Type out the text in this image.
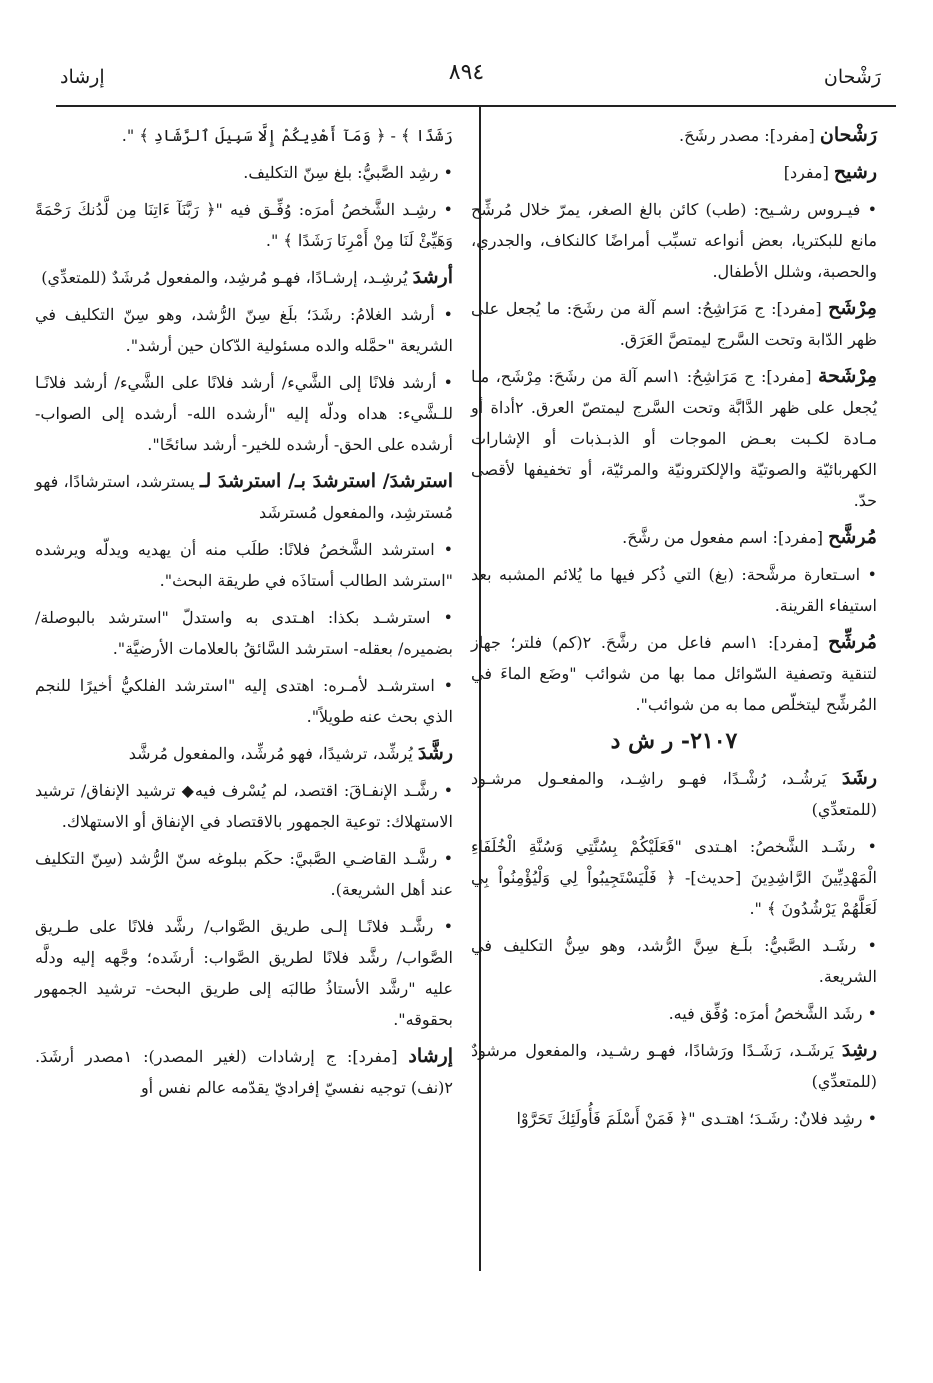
رَشْحان
٨٩٤
إرشاد

رَشْحان [مفرد]: مصدر رشَحَ.

رشيح [مفرد]

• فيـروس رشـيح: (طب) كائن بالغ الصغر، يمرّ خلال مُرشِّح مانع للبكتريا، بعض أنواعه تسبِّب أمراضًا كالنكاف، والجدري، والحصبة، وشلل الأطفال.

مِرْشَح [مفرد]: ج مَرَاشِحُ: اسم آلة من رشَحَ: ما يُجعل على ظهر الدّابة وتحت السَّرج ليمتصَّ العَرَق.

مِرْشَحة [مفرد]: ج مَرَاشِحُ: ١اسم آلة من رشَحَ: مِرْشَح، مـا يُجعل على ظهر الدَّابَّة وتحت السَّرج ليمتصّ العرق. ٢أداة أو مـادة لكـبت بعـض الموجات أو الذبـذبات أو الإشارات الكهربائيّة والصوتيّة والإلكترونيّة والمرئيّة، أو تخفيفها لأقصى حدّ.

مُرشَّح [مفرد]: اسم مفعول من رشَّحَ.

• اسـتعارة مرشَّحة: (بغ) التي ذُكر فيها ما يُلائم المشبه بعد استيفاء القرينة.

مُرشِّح [مفرد]: ١اسم فاعل من رشَّحَ. ٢(كم) فلتر؛ جهاز لتنقية وتصفية السّوائل مما بها من شوائب "وضَع الماءَ في المُرشِّح ليتخلّص مما به من شوائب".

٢١٠٧- ر ش د

رشَدَ يَرشُـد، رُشْـدًا، فهـو راشِـد، والمفعـول مرشـود (للمتعدِّي)

• رشَـد الشَّخصُ: اهـتدى "فَعَلَيْكُمْ بِسُنَّتِي وَسُنَّةِ الْخُلَفَاءِ الْمَهْدِيِّينَ الرَّاشِدِينَ [حديث]- ﴿ فَلْيَسْتَجِيبُواْ لِي وَلْيُؤْمِنُواْ بِي لَعَلَّهُمْ يَرْشُدُونَ ﴾ ".

• رشَـد الصَّبيُّ: بلَـغ سِنَّ الرُّشد، وهو سِنُّ التكليف في الشريعة.

• رشَد الشَّخصُ أمرَه: وُفِّق فيه.

رشِدَ يَرشَـد، رَشَـدًا ورَشادًا، فهـو رشـيد، والمفعول مرشودٌ (للمتعدِّي)

• رشِد فلانٌ: رشَـدَ؛ اهتـدى "﴿ فَمَنْ أَسْلَمَ فَأُولَئِكَ تَحَرَّوْا

رَشَدًا ﴾ - ﴿ وَمَآ أَهْدِيكُمْ إِلَّا سَبِيلَ ٱلرَّشَادِ ﴾ ".

• رشِد الصَّبيُّ: بلغ سِنّ التكليف.

• رشِـد الشَّخصُ أمرَه: وُفِّـق فيه "﴿ رَبَّنَآ ءَاتِنَا مِن لَّدُنكَ رَحْمَةً وَهَيِّئْ لَنَا مِنْ أَمْرِنَا رَشَدًا ﴾ ".

أرشدَ يُرشِـد، إرشـادًا، فهـو مُرشِد، والمفعول مُرشَدٌ (للمتعدِّي)

• أرشد الغلامُ: رشَدَ؛ بلَغ سِنّ الرُّشد، وهو سِنّ التكليف في الشريعة "حمَّله والده مسئولية الدّكان حين أرشد".

• أرشد فلانًا إلى الشَّيء/ أرشد فلانًا على الشَّيء/ أرشد فلانًـا للـشَّيء: هداه ودلّه إليه "أرشده الله- أرشده إلى الصواب- أرشده على الحق- أرشده للخير- أرشد سائحًا".

استرشدَ/ استرشدَ بـ/ استرشدَ لـ يسترشد، استرشادًا، فهو مُسترشِد، والمفعول مُسترشَد

• استرشد الشَّخصُ فلانًا: طلَب منه أن يهديه ويدلّه ويرشده "استرشد الطالب أستاذَه في طريقة البحث".

• استرشـد بكذا: اهـتدى به واستدلّ "استرشد بالبوصلة/ بضميره/ بعقله- استرشد السَّائقُ بالعلامات الأرضيَّة".

• استرشـد لأمـره: اهتدى إليه "استرشد الفلكيُّ أخيرًا للنجم الذي بحث عنه طويلاً".

رشَّدَ يُرشِّد، ترشيدًا، فهو مُرشِّد، والمفعول مُرشَّد

• رشَّـد الإنفـاقَ: اقتصد، لم يُسْرف فيه◆ ترشيد الإنفاق/ ترشيد الاستهلاك: توعية الجمهور بالاقتصاد في الإنفاق أو الاستهلاك.

• رشَّـد القاضـي الصَّبيَّ: حكَم ببلوغه سنّ الرُّشد (سِنّ التكليف عند أهل الشريعة).

• رشَّـد فلانًـا إلـى طريق الصَّواب/ رشَّد فلانًا على طـريق الصَّواب/ رشَّد فلانًا لطريق الصَّواب: أرشَده؛ وجَّهه إليه ودلَّه عليه "رشَّد الأستاذُ طالبَه إلى طريق البحث- ترشيد الجمهور بحقوقه".

إرشاد [مفرد]: ج إرشادات (لغير المصدر): ١مصدر أرشَدَ. ٢(نف) توجيه نفسيّ إفراديّ يقدّمه عالم نفس أو
